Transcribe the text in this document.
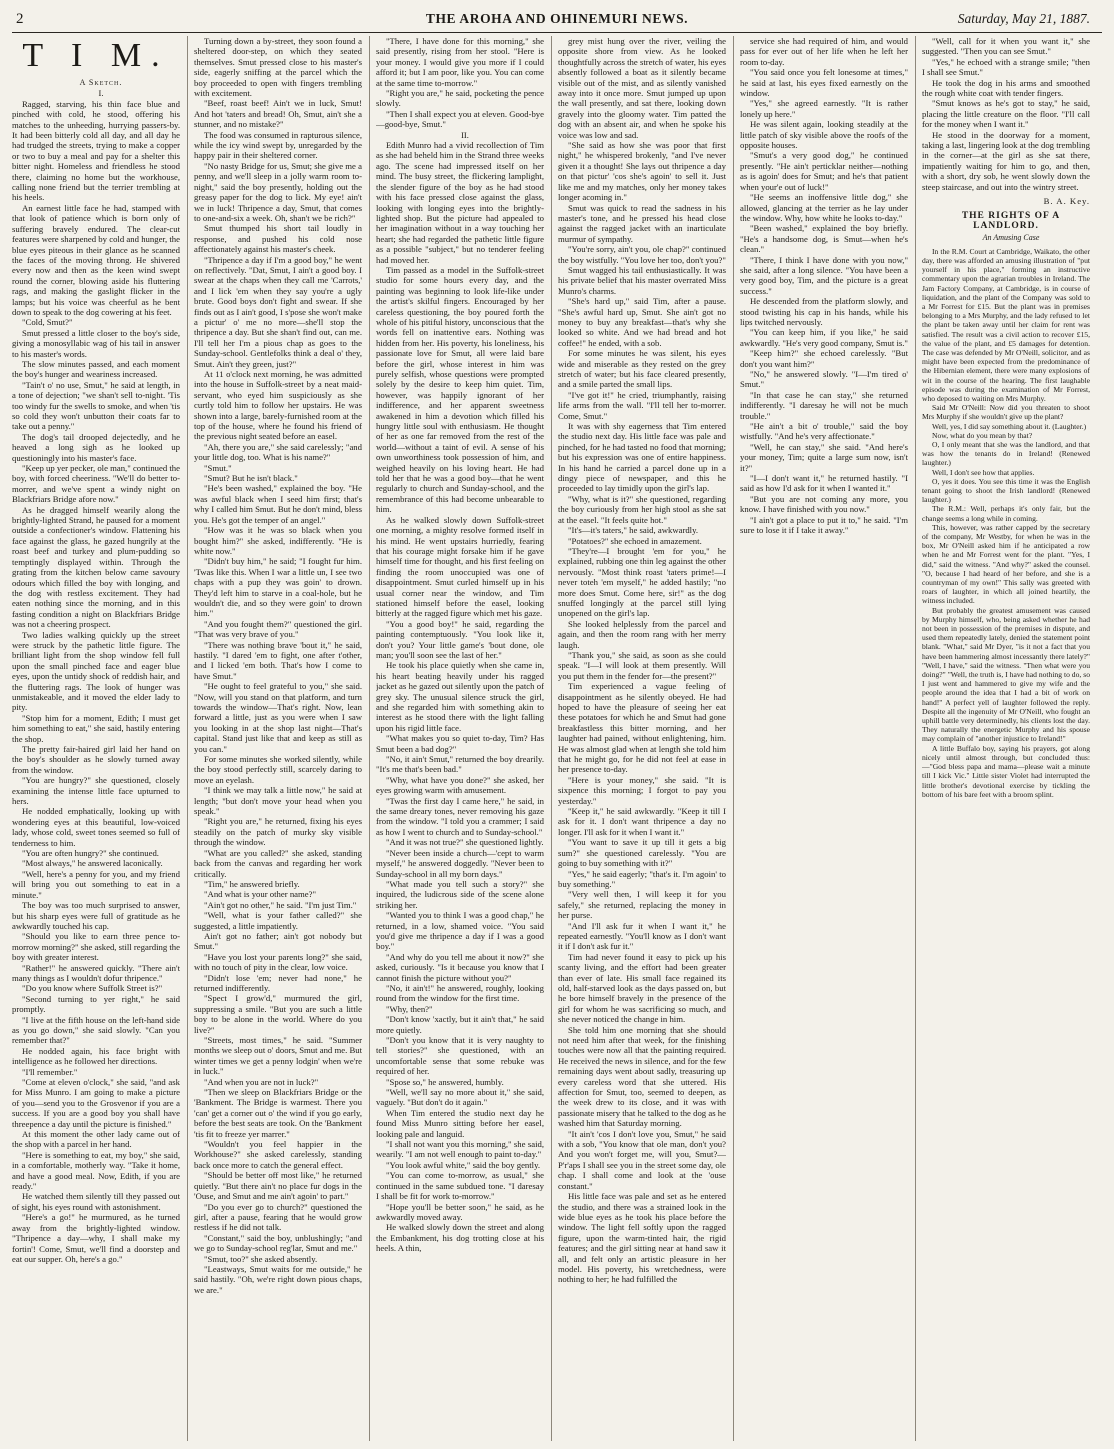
2	THE AROHA AND OHINEMURI NEWS.	Saturday, May 21, 1887.
T I M.

A Sketch.

I.

Ragged, starving, his thin face blue and pinched with cold, he stood, offering his matches to the unheeding, hurrying passers-by. It had been bitterly cold all day, and all day he had trudged the streets, trying to make a copper or two to buy a meal and pay for a shelter this bitter night. Homeless and friendless he stood there, claiming no home but the workhouse, calling none friend but the terrier trembling at his heels.

An earnest little face he had, stamped with that look of patience which is born only of suffering bravely endured. The clear-cut features were sharpened by cold and hunger, the blue eyes piteous in their glance as he scanned the faces of the moving throng. He shivered every now and then as the keen wind swept round the corner, blowing aside his fluttering rags, and making the gaslight flicker in the lamps; but his voice was cheerful as he bent down to speak to the dog cowering at his feet.

"Cold, Smut?"

Smut pressed a little closer to the boy's side, giving a monosyllabic wag of his tail in answer to his master's words.

The slow minutes passed, and each moment the boy's hunger and weariness increased.

"Tain't o' no use, Smut," he said at length, in a tone of dejection; "we shan't sell to-night. 'Tis too windy fur the swells to smoke, and when 'tis so cold they won't unbutton their coats far to take out a penny."

The dog's tail drooped dejectedly, and he heaved a long sigh as he looked up questioningly into his master's face.

"Keep up yer pecker, ole man," continued the boy, with forced cheeriness. "We'll do better to-morrer, and we've spent a windy night on Blackfriars Bridge afore now."

As he dragged himself wearily along the brightly-lighted Strand, he paused for a moment outside a confectioner's window. Flattening his face against the glass, he gazed hungrily at the roast beef and turkey and plum-pudding so temptingly displayed within. Through the grating from the kitchen below came savoury odours which filled the boy with longing, and the dog with restless excitement. They had eaten nothing since the morning, and in this fasting condition a night on Blackfriars Bridge was not a cheering prospect.

Two ladies walking quickly up the street were struck by the pathetic little figure. The brilliant light from the shop window fell full upon the small pinched face and eager blue eyes, upon the untidy shock of reddish hair, and the fluttering rags. The look of hunger was unmistakeable, and it moved the elder lady to pity.

"Stop him for a moment, Edith; I must get him something to eat," she said, hastily entering the shop.

The pretty fair-haired girl laid her hand on the boy's shoulder as he slowly turned away from the window.

"You are hungry?" she questioned, closely examining the intense little face upturned to hers.

He nodded emphatically, looking up with wondering eyes at this beautiful, low-voiced lady, whose cold, sweet tones seemed so full of tenderness to him.

"You are often hungry?" she continued.

"Most always," he answered laconically.

"Well, here's a penny for you, and my friend will bring you out something to eat in a minute."

The boy was too much surprised to answer, but his sharp eyes were full of gratitude as he awkwardly touched his cap.

"Should you like to earn three pence to-morrow morning?" she asked, still regarding the boy with greater interest.

"Rather!" he answered quickly. "There ain't many things as I wouldn't dofur thripence."

"Do you know where Suffolk Street is?"

"Second turning to yer right," he said promptly.

"I live at the fifth house on the left-hand side as you go down," she said slowly. "Can you remember that?"

He nodded again, his face bright with intelligence as he followed her directions.

"I'll remember."

"Come at eleven o'clock," she said, "and ask for Miss Munro. I am going to make a picture of you—send you to the Grosvenor if you are a success. If you are a good boy you shall have threepence a day until the picture is finished."

At this moment the other lady came out of the shop with a parcel in her hand.

"Here is something to eat, my boy," she said, in a comfortable, motherly way. "Take it home, and have a good meal. Now, Edith, if you are ready."

He watched them silently till they passed out of sight, his eyes round with astonishment.

"Here's a go!" he murmured, as he turned away from the brightly-lighted window. "Thripence a day—why, I shall make my fortin'! Come, Smut, we'll find a doorstep and eat our supper. Oh, here's a go."

Turning down a by-street, they soon found a sheltered door-step, on which they seated themselves. Smut pressed close to his master's side, eagerly sniffing at the parcel which the boy proceeded to open with fingers trembling with excitement.

"Beef, roast beef! Ain't we in luck, Smut! And hot 'taters and bread! Oh, Smut, ain't she a stunner, and no mistake?"

The food was consumed in rapturous silence, while the icy wind swept by, unregarded by the happy pair in their sheltered corner.

"No nasty Bridge for us, Smut; she give me a penny, and we'll sleep in a jolly warm room to-night," said the boy presently, holding out the greasy paper for the dog to lick. My eye! ain't we in luck! Thripence a day, Smut, that comes to one-and-six a week. Oh, shan't we be rich?"

Smut thumped his short tail loudly in response, and pushed his cold nose affectionately against his master's cheek.

"Thripence a day if I'm a good boy," he went on reflectively. "Dat, Smut, I ain't a good boy. I swear at the chaps when they call me 'Carrots,' and I lick 'em when they say you're a ugly brute. Good boys don't fight and swear. If she finds out as I ain't good, I s'pose she won't make a pictur' o' me no more—she'll stop the thripence a day. But she shan't find out, can me. I'll tell her I'm a pious chap as goes to the Sunday-school. Gentlefolks think a deal o' they, Smut. Ain't they green, just?"

At 11 o'clock next morning, he was admitted into the house in Suffolk-street by a neat maid-servant, who eyed him suspiciously as she curtly told him to follow her upstairs. He was shown into a large, barely-furnished room at the top of the house, where he found his friend of the previous night seated before an easel.

"Ah, there you are," she said carelessly; "and your little dog, too. What is his name?"

"Smut."

"Smut? But he isn't black."

"He's been washed," explained the boy. "He was awful black when I seed him first; that's why I called him Smut. But he don't mind, bless you. He's got the temper of an angel."

"How was it he was so black when you bought him?" she asked, indifferently. "He is white now."

"Didn't buy him," he said; "I fought fur him. 'Twas like this. When I war a little un, I see two chaps with a pup they was goin' to drown. They'd left him to starve in a coal-hole, but he wouldn't die, and so they were goin' to drown him."

"And you fought them?" questioned the girl. "That was very brave of you."

"There was nothing brave 'bout it," he said, hastily. "I dared 'em to fight, one after t'other, and I licked 'em both. That's how I come to have Smut."

"He ought to feel grateful to you," she said. "Now, will you stand on that platform, and turn towards the window—That's right. Now, lean forward a little, just as you were when I saw you looking in at the shop last night—That's capital. Stand just like that and keep as still as you can."

For some minutes she worked silently, while the boy stood perfectly still, scarcely daring to move an eyelash.

"I think we may talk a little now," he said at length; "but don't move your head when you speak."

"Right you are," he returned, fixing his eyes steadily on the patch of murky sky visible through the window.

"What are you called?" she asked, standing back from the canvas and regarding her work critically.

"Tim," he answered briefly.

"And what is your other name?"

"Ain't got no other," he said. "I'm just Tim."

"Well, what is your father called?" she suggested, a little impatiently.

Ain't got no father; ain't got nobody but Smut."

"Have you lost your parents long?" she said, with no touch of pity in the clear, low voice.

"Didn't lose 'em; never had none," he returned indifferently.

"Spect I grow'd," murmured the girl, suppressing a smile. "But you are such a little boy to be alone in the world. Where do you live?"

"Streets, most times," he said. "Summer months we sleep out o' doors, Smut and me. But winter times we get a penny lodgin' when we're in luck."

"And when you are not in luck?"

"Then we sleep on Blackfriars Bridge or the 'Bankment. The Bridge is warmest. There you 'can' get a corner out o' the wind if you go early, before the best seats are took. On the 'Bankment 'tis fit to freeze yer marrer."

"Wouldn't you feel happier in the Workhouse?" she asked carelessly, standing back once more to catch the general effect.

"Should be better off most like," he returned quietly. "But there ain't no place fur dogs in the 'Ouse, and Smut and me ain't agoin' to part."

"Do you ever go to church?" questioned the girl, after a pause, fearing that he would grow restless if he did not talk.

"Constant," said the boy, unblushingly; "and we go to Sunday-school reg'lar, Smut and me."

"Smut, too?" she asked absently.

"Leastways, Smut waits for me outside," he said hastily. "Oh, we're right down pious chaps, we are."

"There, I have done for this morning," she said presently, rising from her stool. "Here is your money. I would give you more if I could afford it; but I am poor, like you. You can come at the same time to-morrow."

"Right you are," he said, pocketing the pence slowly.

"Then I shall expect you at eleven. Good-bye—good-bye, Smut."

II.

Edith Munro had a vivid recollection of Tim as she had beheld him in the Strand three weeks ago. The scene had impressed itself on her mind. The busy street, the flickering lamplight, the slender figure of the boy as he had stood with his face pressed close against the glass, looking with longing eyes into the brightly-lighted shop. But the picture had appealed to her imagination without in a way touching her heart; she had regarded the pathetic little figure as a possible "subject," but no tenderer feeling had moved her.

Tim passed as a model in the Suffolk-street studio for some hours every day, and the painting was beginning to look life-like under the artist's skilful fingers. Encouraged by her careless questioning, the boy poured forth the whole of his pitiful history, unconscious that the words fell on inattentive ears. Nothing was hidden from her. His poverty, his loneliness, his passionate love for Smut, all were laid bare before the girl, whose interest in him was purely selfish, whose questions were prompted solely by the desire to keep him quiet. Tim, however, was happily ignorant of her indifference, and her apparent sweetness awakened in him a devotion which filled his hungry little soul with enthusiasm. He thought of her as one far removed from the rest of the world—without a taint of evil. A sense of his own unworthiness took possession of him, and weighed heavily on his loving heart. He had told her that he was a good boy—that he went regularly to church and Sunday-school, and the remembrance of this had become unbearable to him.

As he walked slowly down Suffolk-street one morning, a mighty resolve formed itself in his mind. He went upstairs hurriedly, fearing that his courage might forsake him if he gave himself time for thought, and his first feeling on finding the room unoccupied was one of disappointment. Smut curled himself up in his usual corner near the window, and Tim stationed himself before the easel, looking bitterly at the ragged figure which met his gaze.

"You a good boy!" he said, regarding the painting contemptuously. "You look like it, don't you? Your little game's 'bout done, ole man; you'll soon see the last of her."

He took his place quietly when she came in, his heart beating heavily under his ragged jacket as he gazed out silently upon the patch of grey sky. The unusual silence struck the girl, and she regarded him with something akin to interest as he stood there with the light falling upon his rigid little face.

"What makes you so quiet to-day, Tim? Has Smut been a bad dog?"

"No, it ain't Smut," returned the boy drearily. "It's me that's been bad."

"Why, what have you done?" she asked, her eyes growing warm with amusement.

"Twas the first day I came here," he said, in the same dreary tones, never removing his gaze from the window. "I told you a crammer; I said as how I went to church and to Sunday-school."

"And it was not true?" she questioned lightly.

"Never been inside a church—'cept to warm myself," he answered doggedly. "Never been to Sunday-school in all my born days."

"What made you tell such a story?" she inquired, the ludicrous side of the scene alone striking her.

"Wanted you to think I was a good chap," he returned, in a low, shamed voice. "You said you'd give me thripence a day if I was a good boy."

"And why do you tell me about it now?" she asked, curiously. "Is it because you know that I cannot finish the picture without you?"

"No, it ain't!" he answered, roughly, looking round from the window for the first time.

"Why, then?"

"Don't know 'xactly, but it ain't that," he said more quietly.

"Don't you know that it is very naughty to tell stories?" she questioned, with an uncomfortable sense that some rebuke was required of her.

"Spose so," he answered, humbly.

"Well, we'll say no more about it," she said, vaguely. "But don't do it again."

When Tim entered the studio next day he found Miss Munro sitting before her easel, looking pale and languid.

"I shall not want you this morning," she said, wearily. "I am not well enough to paint to-day."

"You look awful white," said the boy gently.

"You can come to-morrow, as usual," she continued in the same subdued tone. "I daresay I shall be fit for work to-morrow."

"Hope you'll be better soon," he said, as he awkwardly moved away.

He walked slowly down the street and along the Embankment, his dog trotting close at his heels. A thin,

grey mist hung over the river, veiling the opposite shore from view. As he looked thoughtfully across the stretch of water, his eyes absently followed a boat as it silently became visible out of the mist, and as silently vanished away into it once more. Smut jumped up upon the wall presently, and sat there, looking down gravely into the gloomy water. Tim patted the dog with an absent air, and when he spoke his voice was low and sad.

"She said as how she was poor that first night," he whispered brokenly, "and I've never given it a thought! She lays out thripence a day on that pictur' 'cos she's agoin' to sell it. Just like me and my matches, only her money takes longer acoming in."

Smut was quick to read the sadness in his master's tone, and he pressed his head close against the ragged jacket with an inarticulate murmur of sympathy.

"You're sorry, ain't you, ole chap?" continued the boy wistfully. "You love her too, don't you?"

Smut wagged his tail enthusiastically. It was his private belief that his master overrated Miss Munro's charms.

"She's hard up," said Tim, after a pause. "She's awful hard up, Smut. She ain't got no money to buy any breakfast—that's why she looked so white. And we had bread and hot coffee!" he ended, with a sob.

For some minutes he was silent, his eyes wide and miserable as they rested on the grey stretch of water; but his face cleared presently, and a smile parted the small lips.

"I've got it!" he cried, triumphantly, raising life arms from the wall. "I'll tell her to-morrer. Come, Smut."

It was with shy eagerness that Tim entered the studio next day. His little face was pale and pinched, for he had tasted no food that morning; but his expression was one of entire happiness. In his hand he carried a parcel done up in a dingy piece of newspaper, and this he proceeded to lay timidly upon the girl's lap.

"Why, what is it?" she questioned, regarding the boy curiously from her high stool as she sat at the easel. "It feels quite hot."

"It's—it's taters," he said, awkwardly.

"Potatoes?" she echoed in amazement.

"They're—I brought 'em for you," he explained, rubbing one thin leg against the other nervously. "Most think roast 'taters prime!—I never toteh 'em myself," he added hastily; "no more does Smut. Come here, sir!" as the dog snuffed longingly at the parcel still lying unopened on the girl's lap.

She looked helplessly from the parcel and again, and then the room rang with her merry laugh.

"Thank you," she said, as soon as she could speak. "I—I will look at them presently. Will you put them in the fender for—the present?"

Tim experienced a vague feeling of disappointment as he silently obeyed. He had hoped to have the pleasure of seeing her eat these potatoes for which he and Smut had gone breakfastless this bitter morning, and her laughter had pained, without enlightening, him. He was almost glad when at length she told him that he might go, for he did not feel at ease in her presence to-day.

"Here is your money," she said. "It is sixpence this morning; I forgot to pay you yesterday."

"Keep it," he said awkwardly. "Keep it till I ask for it. I don't want thripence a day no longer. I'll ask for it when I want it."

"You want to save it up till it gets a big sum?" she questioned carelessly. "You are going to buy something with it?"

"Yes," he said eagerly; "that's it. I'm agoin' to buy something."

"Very well then, I will keep it for you safely," she returned, replacing the money in her purse.

"And I'll ask fur it when I want it," he repeated earnestly. "You'll know as I don't want it if I don't ask fur it."

Tim had never found it easy to pick up his scanty living, and the effort had been greater than ever of late. His small face regained its old, half-starved look as the days passed on, but he bore himself bravely in the presence of the girl for whom he was sacrificing so much, and she never noticed the change in him.

She told him one morning that she should not need him after that week, for the finishing touches were now all that the painting required. He received the news in silence, and for the few remaining days went about sadly, treasuring up every careless word that she uttered. His affection for Smut, too, seemed to deepen, as the week drew to its close, and it was with passionate misery that he talked to the dog as he washed him that Saturday morning.

"It ain't 'cos I don't love you, Smut," he said with a sob, "You know that ole man, don't you? And you won't forget me, will you, Smut?—P'r'aps I shall see you in the street some day, ole chap. I shall come and look at the 'ouse constant."

His little face was pale and set as he entered the studio, and there was a strained look in the wide blue eyes as he took his place before the window. The light fell softly upon the ragged figure, upon the warm-tinted hair, the rigid features; and the girl sitting near at hand saw it all, and felt only an artistic pleasure in her model. His poverty, his wretchedness, were nothing to her; he had fulfilled the

service she had required of him, and would pass for ever out of her life when he left her room to-day.

"You said once you felt lonesome at times," he said at last, his eyes fixed earnestly on the window.

"Yes," she agreed earnestly. "It is rather lonely up here."

He was silent again, looking steadily at the little patch of sky visible above the roofs of the opposite houses.

"Smut's a very good dog," he continued presently. "He ain't perticklar neither—nothing as is agoin' does for Smut; and he's that patient when your'e out of luck!"

"He seems an inoffensive little dog," she allowed, glancing at the terrier as he lay under the window. Why, how white he looks to-day."

"Been washed," explained the boy briefly. "He's a handsome dog, is Smut—when he's clean."

"There, I think I have done with you now," she said, after a long silence. "You have been a very good boy, Tim, and the picture is a great success."

He descended from the platform slowly, and stood twisting his cap in his hands, while his lips twitched nervously.

"You can keep him, if you like," he said awkwardly. "He's very good company, Smut is."

"Keep him?" she echoed carelessly. "But don't you want him?"

"No," he answered slowly. "I—I'm tired o' Smut."

"In that case he can stay," she returned indifferently. "I daresay he will not be much trouble."

"He ain't a bit o' trouble," said the boy wistfully. "And he's very affectionate."

"Well, he can stay," she said. "And here's your money, Tim; quite a large sum now, isn't it?"

"I—I don't want it," he returned hastily. "I said as how I'd ask for it when I wanted it."

"But you are not coming any more, you know. I have finished with you now."

"I ain't got a place to put it to," he said. "I'm sure to lose it if I take it away."

"Well, call for it when you want it," she suggested. "Then you can see Smut."

"Yes," he echoed with a strange smile; "then I shall see Smut."

He took the dog in his arms and smoothed the rough white coat with tender fingers.

"Smut knows as he's got to stay," he said, placing the little creature on the floor. "I'll call for the money when I want it."

He stood in the doorway for a moment, taking a last, lingering look at the dog trembling in the corner—at the girl as she sat there, impatiently waiting for him to go, and then, with a short, dry sob, he went slowly down the steep staircase, and out into the wintry street.

B. A. Key.

THE RIGHTS OF A LANDLORD.

An Amusing Case

In the R.M. Court at Cambridge, Waikato, the other day, there was afforded an amusing illustration of "put yourself in his place," forming an instructive commentary upon the agrarian troubles in Ireland. The Jam Factory Company, at Cambridge, is in course of liquidation, and the plant of the Company was sold to a Mr Forrest for £15. But the plant was in premises belonging to a Mrs Murphy, and the lady refused to let the plant be taken away until her claim for rent was satisfied. The result was a civil action to recover £15, the value of the plant, and £5 damages for detention. The case was defended by Mr O'Neill, solicitor, and as might have been expected from the predominance of the Hibernian element, there were many explosions of wit in the course of the hearing. The first laughable episode was during the examination of Mr Forrest, who deposed to waiting on Mrs Murphy.

Said Mr O'Neill: Now did you threaten to shoot Mrs Murphy if she wouldn't give up the plant?

Well, yes, I did say something about it. (Laughter.)

Now, what do you mean by that?

O, I only meant that she was the landlord, and that was how the tenants do in Ireland! (Renewed laughter.)

Well, I don't see how that applies.

O, yes it does. You see this time it was the English tenant going to shoot the Irish landlord! (Renewed laughter.)

The R.M.: Well, perhaps it's only fair, but the change seems a long while in coming.

This, however, was rather capped by the secretary of the company, Mr Westby, for when he was in the box, Mr O'Neill asked him if he anticipated a row when he and Mr Forrest went for the plant. "Yes, I did," said the witness. "And why?" asked the counsel. "O, because I had heard of her before, and she is a countryman of my own!" This sally was greeted with roars of laughter, in which all joined heartily, the witness included.

But probably the greatest amusement was caused by Murphy himself, who, being asked whether he had not been in possession of the premises in dispute, and used them repeatedly lately, denied the statement point blank. "What," said Mr Dyer, "is it not a fact that you have been hammering almost incessantly there lately?" "Well, I have," said the witness. "Then what were you doing?" "Well, the truth is, I have had nothing to do, so I just went and hammered to give my wife and the people around the idea that I had a bit of work on hand!" A perfect yell of laughter followed the reply. Despite all the ingenuity of Mr O'Neill, who fought an uphill battle very determinedly, his clients lost the day. They naturally the energetic Murphy and his spouse may complain of "another injustice to Ireland!"

A little Buffalo boy, saying his prayers, got along nicely until almost through, but concluded thus:—"God bless papa and mama—please wait a minute till I kick Vic." Little sister Violet had interrupted the little brother's devotional exercise by tickling the bottom of his bare feet with a broom splint.
